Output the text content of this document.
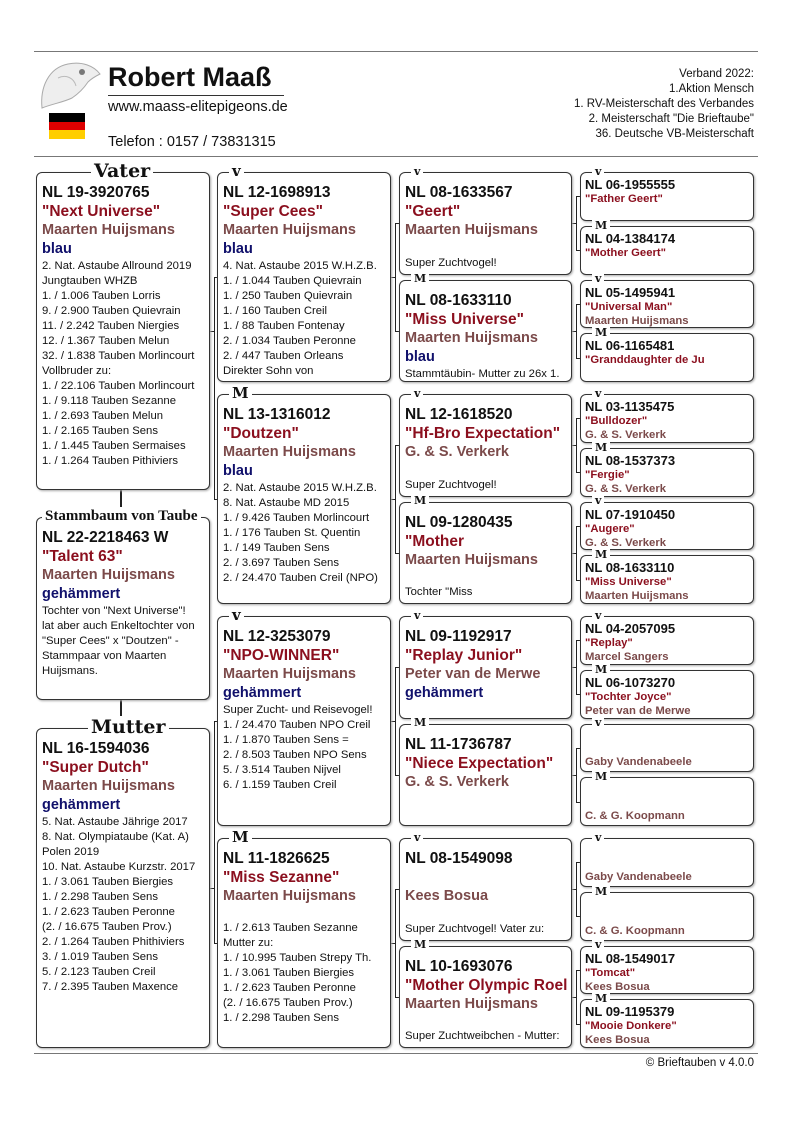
Robert Maaß
www.maass-elitepigeons.de
Telefon : 0157 / 73831315
Verband 2022:
1.Aktion Mensch
1. RV-Meisterschaft des Verbandes
2. Meisterschaft "Die Brieftaube"
36. Deutsche VB-Meisterschaft
NL 19-3920765
"Next Universe"
Maarten Huijsmans
blau
2. Nat. Astaube Allround 2019
Jungtauben WHZB
1. / 1.006 Tauben Lorris
9. / 2.900 Tauben Quievrain
11. / 2.242 Tauben Niergies
12. / 1.367 Tauben Melun
32. / 1.838 Tauben Morlincourt
Vollbruder zu:
1. / 22.106 Tauben Morlincourt
1. / 9.118 Tauben Sezanne
1. / 2.693 Tauben Melun
1. / 2.165 Tauben Sens
1. / 1.445 Tauben Sermaises
1. / 1.264 Tauben Pithiviers
Vater
NL 22-2218463 W
"Talent 63"
Maarten Huijsmans
gehämmert
Tochter von "Next Universe"!
lat aber auch Enkeltochter von
"Super Cees" x "Doutzen" -
Stammpaar von Maarten
Huijsmans.
Stammbaum von Taube
NL 16-1594036
"Super Dutch"
Maarten Huijsmans
gehämmert
5. Nat. Astaube Jährige 2017
8. Nat. Olympiataube (Kat. A)
Polen 2019
10. Nat. Astaube Kurzstr. 2017
1. / 3.061 Tauben Biergies
1. / 2.298 Tauben Sens
1. / 2.623 Tauben Peronne
(2. / 16.675 Tauben Prov.)
2. / 1.264 Tauben Phithiviers
3. / 1.019 Tauben Sens
5. / 2.123 Tauben Creil
7. / 2.395 Tauben Maxence
Mutter
NL 12-1698913
"Super Cees"
Maarten Huijsmans
blau
4. Nat. Astaube 2015 W.H.Z.B.
1. / 1.044 Tauben Quievrain
1. / 250 Tauben Quievrain
1. / 160 Tauben Creil
1. / 88 Tauben Fontenay
2. / 1.034 Tauben Peronne
2. / 447 Tauben Orleans
Direkter Sohn von
v
NL 13-1316012
"Doutzen"
Maarten Huijsmans
blau
2. Nat. Astaube 2015 W.H.Z.B.
8. Nat. Astaube MD 2015
1. / 9.426 Tauben Morlincourt
1. / 176 Tauben St. Quentin
1. / 149 Tauben Sens
2. / 3.697 Tauben Sens
2. / 24.470 Tauben Creil (NPO)
M
NL 12-3253079
"NPO-WINNER"
Maarten Huijsmans
gehämmert
Super Zucht- und Reisevogel!
1. / 24.470 Tauben NPO Creil
1. / 1.870 Tauben Sens =
2. / 8.503 Tauben NPO Sens
5. / 3.514 Tauben Nijvel
6. / 1.159 Tauben Creil
v
NL 11-1826625
"Miss Sezanne"
Maarten Huijsmans
1. / 2.613 Tauben Sezanne
Mutter zu:
1. / 10.995 Tauben Strepy Th.
1. / 3.061 Tauben Biergies
1. / 2.623 Tauben Peronne
(2. / 16.675 Tauben Prov.)
1. / 2.298 Tauben Sens
M
NL 08-1633567
"Geert"
Maarten Huijsmans
Super Zuchtvogel!
v
NL 08-1633110
"Miss Universe"
Maarten Huijsmans
blau
Stammtäubin- Mutter zu 26x 1.
M
NL 12-1618520
"Hf-Bro Expectation"
G. & S. Verkerk
Super Zuchtvogel!
v
NL 09-1280435
"Mother
Maarten Huijsmans
Tochter "Miss
M
NL 09-1192917
"Replay Junior"
Peter van de Merwe
gehämmert
v
NL 11-1736787
"Niece Expectation"
G. & S. Verkerk
M
NL 08-1549098
Kees Bosua
Super Zuchtvogel! Vater zu:
v
NL 10-1693076
"Mother Olympic Roel
Maarten Huijsmans
Super Zuchtweibchen - Mutter:
M
NL 06-1955555
"Father Geert"
v
NL 04-1384174
"Mother Geert"
M
NL 05-1495941
"Universal Man"
Maarten Huijsmans
v
NL 06-1165481
"Granddaughter de Ju
M
NL 03-1135475
"Bulldozer"
G. & S. Verkerk
v
NL 08-1537373
"Fergie"
G. & S. Verkerk
M
NL 07-1910450
"Augere"
G. & S. Verkerk
v
NL 08-1633110
"Miss Universe"
Maarten Huijsmans
M
NL 04-2057095
"Replay"
Marcel Sangers
v
NL 06-1073270
"Tochter Joyce"
Peter van de Merwe
M
Gaby Vandenabeele
v
C. & G. Koopmann
M
Gaby Vandenabeele
v
C. & G. Koopmann
M
NL 08-1549017
"Tomcat"
Kees Bosua
v
NL 09-1195379
"Mooie Donkere"
Kees Bosua
M
© Brieftauben v 4.0.0
